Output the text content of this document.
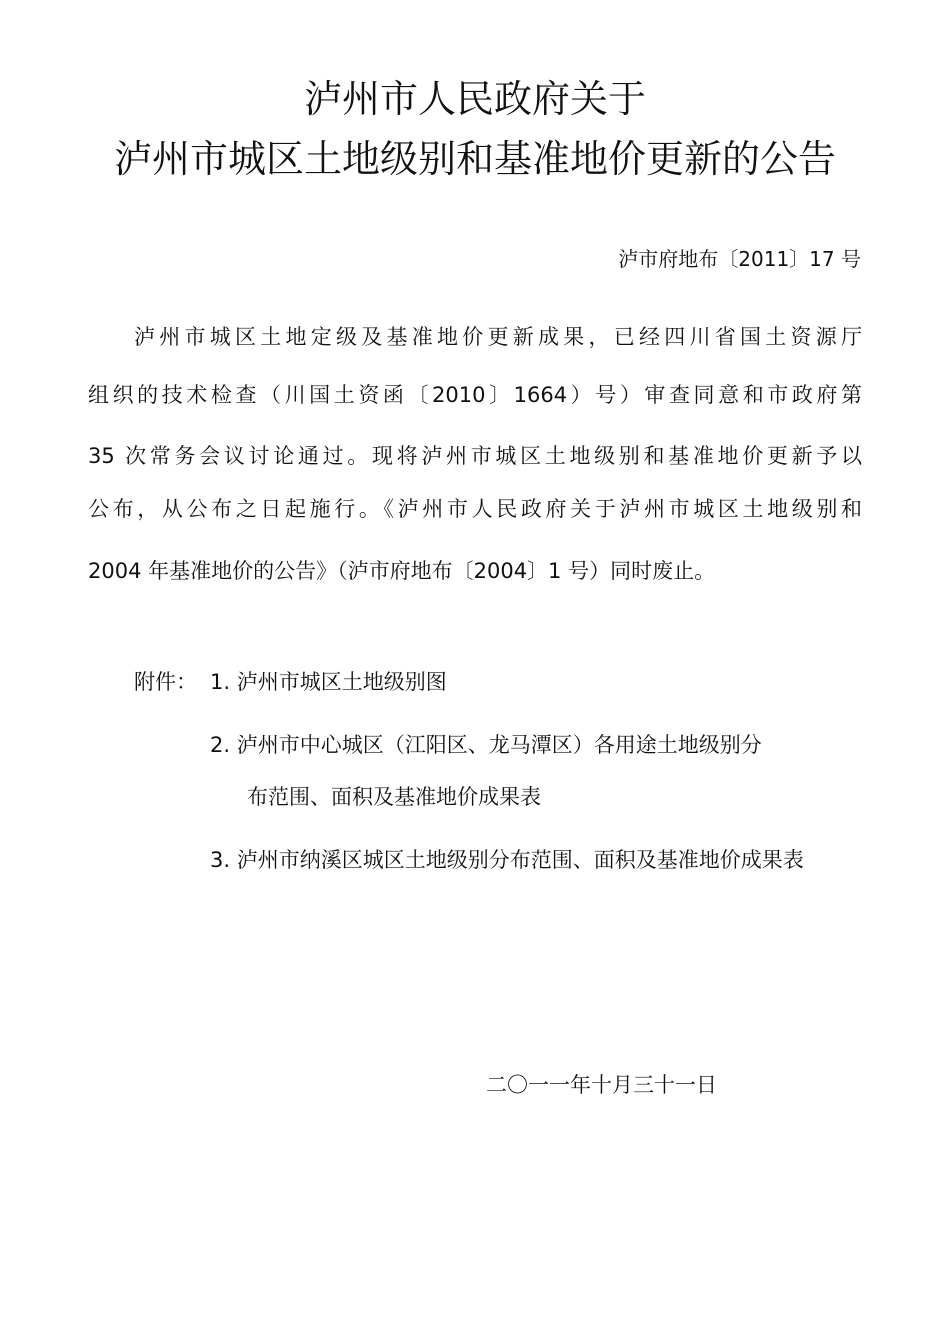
泸州市人民政府关于
泸州市城区土地级别和基准地价更新的公告
泸市府地布〔2011〕17 号
泸州市城区土地定级及基准地价更新成果，已经四川省国土资源厅
组织的技术检查（川国土资函〔2010〕1664）号）审查同意和市政府第
35 次常务会议讨论通过。现将泸州市城区土地级别和基准地价更新予以
公布，从公布之日起施行。《泸州市人民政府关于泸州市城区土地级别和
2004 年基准地价的公告》（泸市府地布〔2004〕1 号）同时废止。
附件： 1. 泸州市城区土地级别图
2. 泸州市中心城区（江阳区、龙马潭区）各用途土地级别分
布范围、面积及基准地价成果表
3. 泸州市纳溪区城区土地级别分布范围、面积及基准地价成果表
二〇一一年十月三十一日
